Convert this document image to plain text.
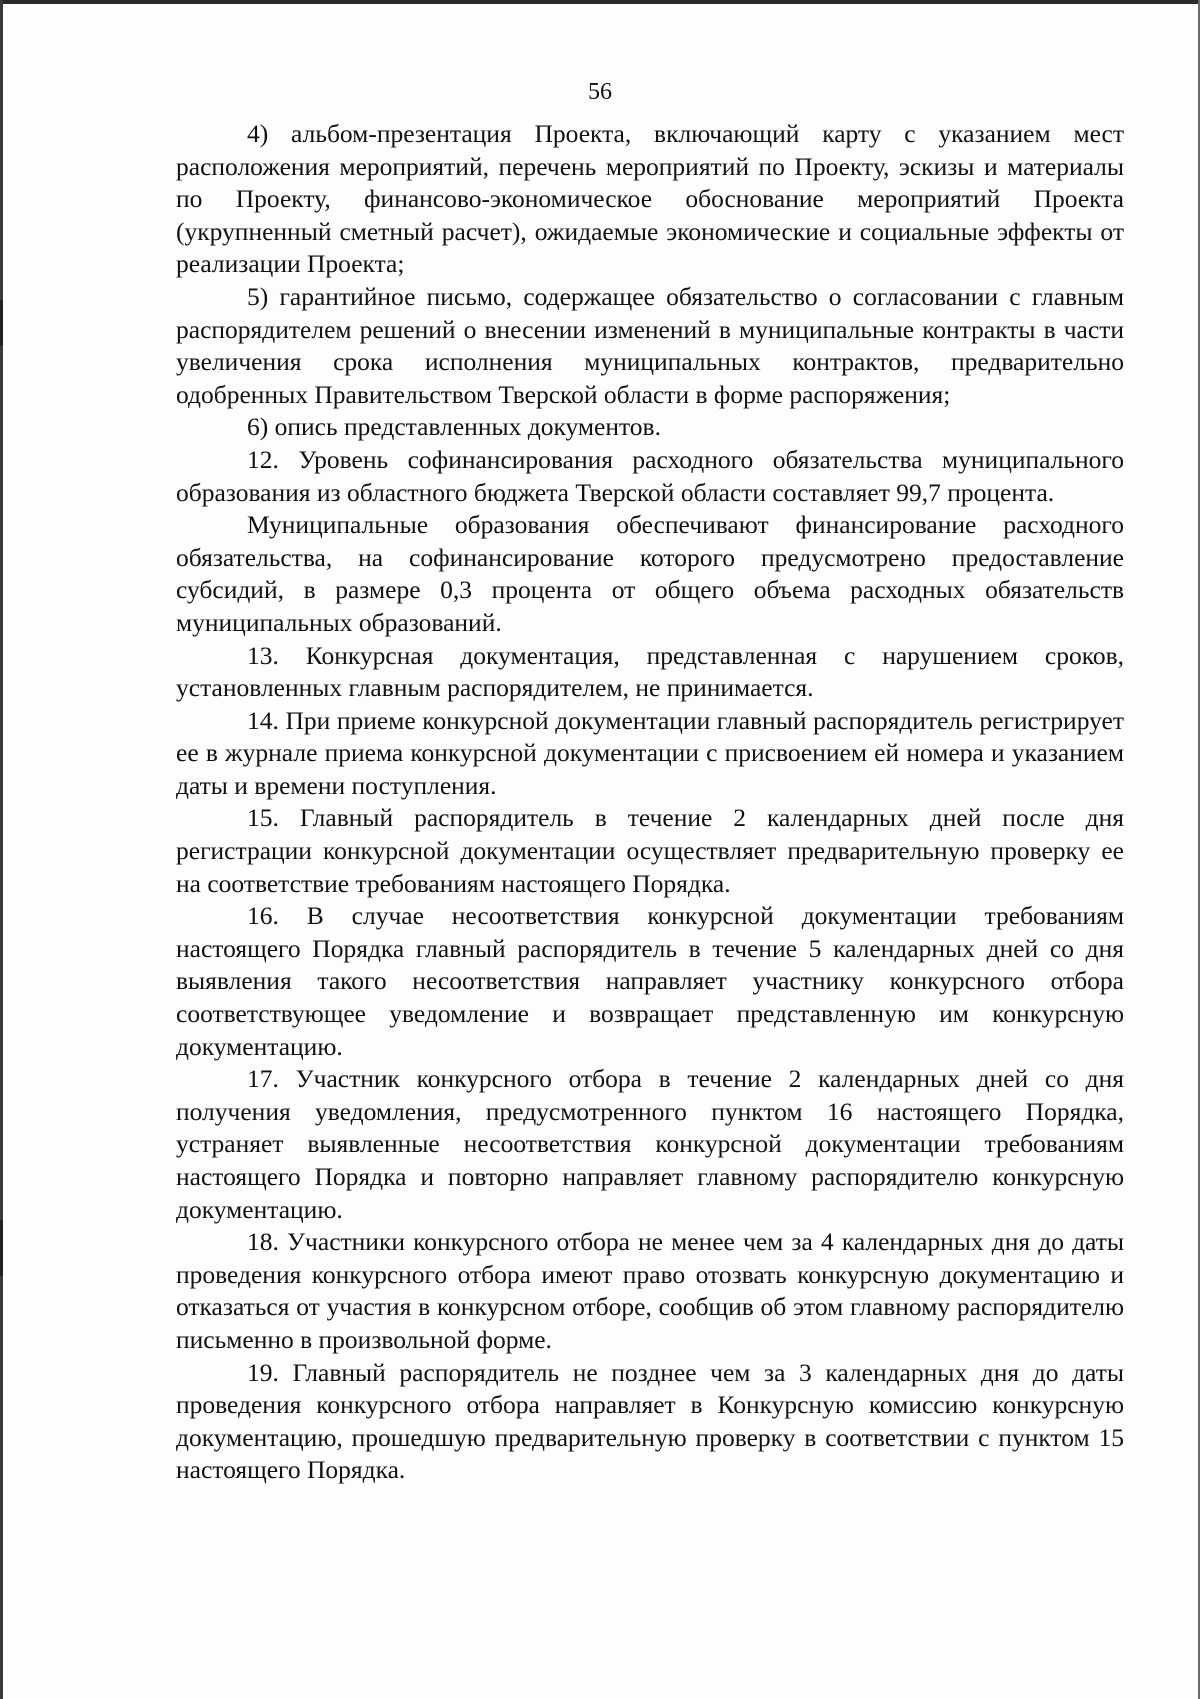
56

4) альбом-презентация Проекта, включающий карту с указанием мест расположения мероприятий, перечень мероприятий по Проекту, эскизы и материалы по Проекту, финансово-экономическое обоснование мероприятий Проекта (укрупненный сметный расчет), ожидаемые экономические и социальные эффекты от реализации Проекта;

5) гарантийное письмо, содержащее обязательство о согласовании с главным распорядителем решений о внесении изменений в муниципальные контракты в части увеличения срока исполнения муниципальных контрактов, предварительно одобренных Правительством Тверской области в форме распоряжения;

6) опись представленных документов.

12. Уровень софинансирования расходного обязательства муниципального образования из областного бюджета Тверской области составляет 99,7 процента.

Муниципальные образования обеспечивают финансирование расходного обязательства, на софинансирование которого предусмотрено предоставление субсидий, в размере 0,3 процента от общего объема расходных обязательств муниципальных образований.

13. Конкурсная документация, представленная с нарушением сроков, установленных главным распорядителем, не принимается.

14. При приеме конкурсной документации главный распорядитель регистрирует ее в журнале приема конкурсной документации с присвоением ей номера и указанием даты и времени поступления.

15. Главный распорядитель в течение 2 календарных дней после дня регистрации конкурсной документации осуществляет предварительную проверку ее на соответствие требованиям настоящего Порядка.

16. В случае несоответствия конкурсной документации требованиям настоящего Порядка главный распорядитель в течение 5 календарных дней со дня выявления такого несоответствия направляет участнику конкурсного отбора соответствующее уведомление и возвращает представленную им конкурсную документацию.

17. Участник конкурсного отбора в течение 2 календарных дней со дня получения уведомления, предусмотренного пунктом 16 настоящего Порядка, устраняет выявленные несоответствия конкурсной документации требованиям настоящего Порядка и повторно направляет главному распорядителю конкурсную документацию.

18. Участники конкурсного отбора не менее чем за 4 календарных дня до даты проведения конкурсного отбора имеют право отозвать конкурсную документацию и отказаться от участия в конкурсном отборе, сообщив об этом главному распорядителю письменно в произвольной форме.

19. Главный распорядитель не позднее чем за 3 календарных дня до даты проведения конкурсного отбора направляет в Конкурсную комиссию конкурсную документацию, прошедшую предварительную проверку в соответствии с пунктом 15 настоящего Порядка.
